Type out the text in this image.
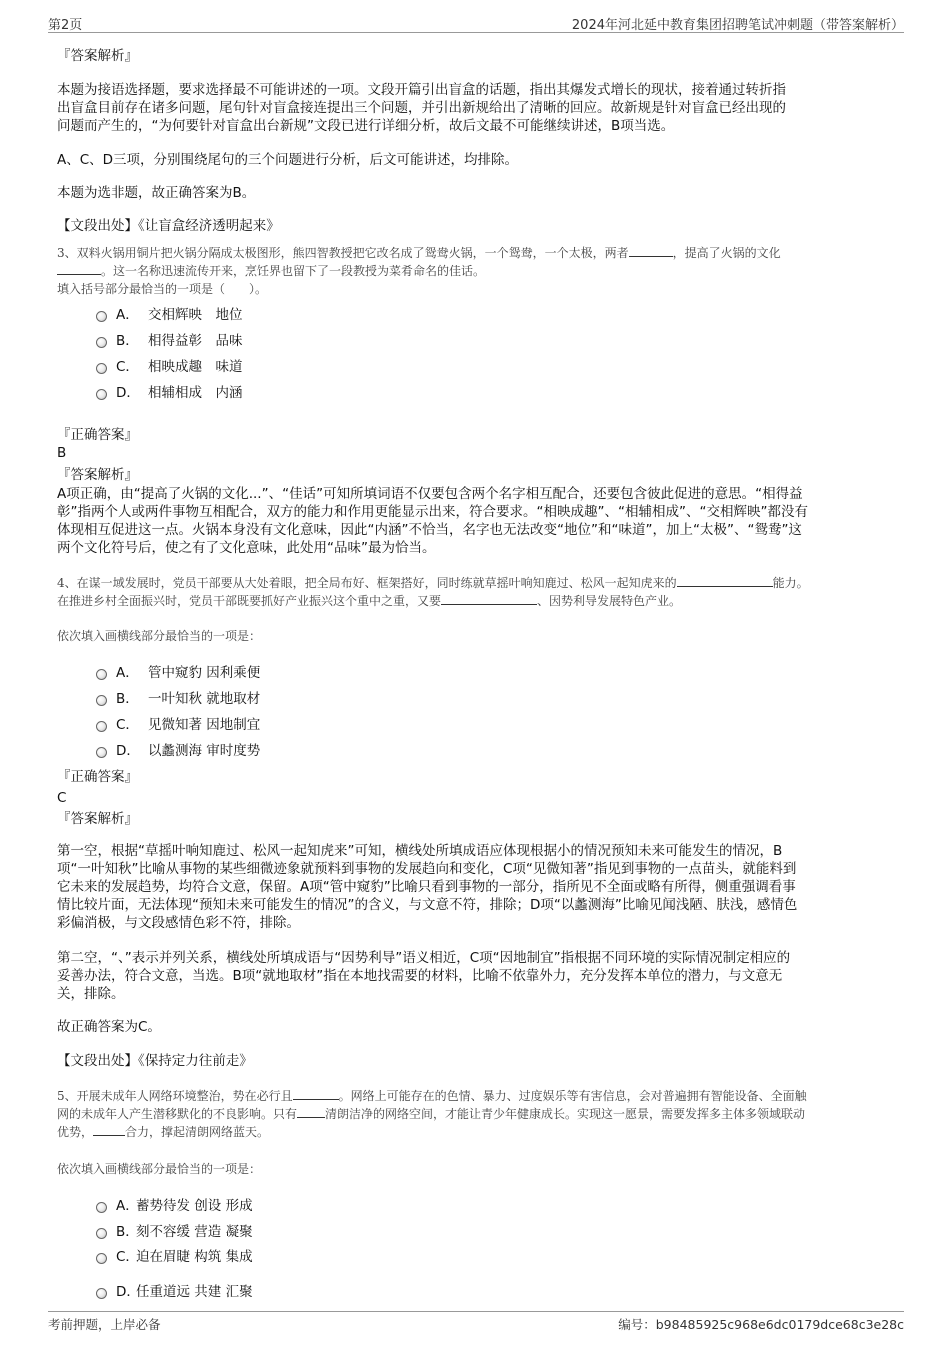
第2页	2024年河北延中教育集团招聘笔试冲刺题（带答案解析）
『答案解析』
本题为接语选择题，要求选择最不可能讲述的一项。文段开篇引出盲盒的话题，指出其爆发式增长的现状，接着通过转折指
出盲盒目前存在诸多问题，尾句针对盲盒接连提出三个问题，并引出新规给出了清晰的回应。故新规是针对盲盒已经出现的
问题而产生的，“为何要针对盲盒出台新规”文段已进行详细分析，故后文最不可能继续讲述，B项当选。
A、C、D三项，分别围绕尾句的三个问题进行分析，后文可能讲述，均排除。
本题为选非题，故正确答案为B。
【文段出处】《让盲盒经济透明起来》
3、双料火锅用铜片把火锅分隔成太极图形，熊四智教授把它改名成了鸳鸯火锅，一个鸳鸯，一个太极，两者	，提高了火锅的文化
。这一名称迅速流传开来，烹饪界也留下了一段教授为菜肴命名的佳话。
填入括号部分最恰当的一项是（　　）。
A． 交相辉映　地位
B． 相得益彰　品味
C． 相映成趣　味道
D． 相辅相成　内涵
『正确答案』
B
『答案解析』
A项正确，由“提高了火锅的文化...”、“佳话”可知所填词语不仅要包含两个名字相互配合，还要包含彼此促进的意思。“相得益
彰”指两个人或两件事物互相配合，双方的能力和作用更能显示出来，符合要求。“相映成趣”、“相辅相成”、“交相辉映”都没有
体现相互促进这一点。火锅本身没有文化意味，因此“内涵”不恰当，名字也无法改变“地位”和“味道”，加上“太极”、“鸳鸯”这
两个文化符号后，使之有了文化意味，此处用“品味”最为恰当。
4、在谋一域发展时，党员干部要从大处着眼，把全局布好、框架搭好，同时练就草摇叶响知鹿过、松风一起知虎来的	能力。
在推进乡村全面振兴时，党员干部既要抓好产业振兴这个重中之重，又要	、因势利导发展特色产业。
依次填入画横线部分最恰当的一项是：
A． 管中窥豹 因利乘便
B． 一叶知秋 就地取材
C． 见微知著 因地制宜
D． 以蠡测海 审时度势
『正确答案』
C
『答案解析』
第一空，根据“草摇叶响知鹿过、松风一起知虎来”可知，横线处所填成语应体现根据小的情况预知未来可能发生的情况，B
项“一叶知秋”比喻从事物的某些细微迹象就预料到事物的发展趋向和变化，C项“见微知著”指见到事物的一点苗头，就能料到
它未来的发展趋势，均符合文意，保留。A项“管中窥豹”比喻只看到事物的一部分，指所见不全面或略有所得，侧重强调看事
情比较片面，无法体现“预知未来可能发生的情况”的含义，与文意不符，排除；D项“以蠡测海”比喻见闻浅陋、肤浅，感情色
彩偏消极，与文段感情色彩不符，排除。
第二空，“、”表示并列关系，横线处所填成语与“因势利导”语义相近，C项“因地制宜”指根据不同环境的实际情况制定相应的
妥善办法，符合文意，当选。B项“就地取材”指在本地找需要的材料，比喻不依靠外力，充分发挥本单位的潜力，与文意无
关，排除。
故正确答案为C。
【文段出处】《保持定力往前走》
5、开展未成年人网络环境整治，势在必行且	。网络上可能存在的色情、暴力、过度娱乐等有害信息，会对普遍拥有智能设备、全面触
网的未成年人产生潜移默化的不良影响。只有 清朗洁净的网络空间，才能让青少年健康成长。实现这一愿景，需要发挥多主体多领域联动
优势，	合力，撑起清朗网络蓝天。
依次填入画横线部分最恰当的一项是：
A．蓄势待发 创设 形成
B．刻不容缓 营造 凝聚
C．迫在眉睫 构筑 集成
D．任重道远 共建 汇聚
考前押题，上岸必备	编号：b98485925c968e6dc0179dce68c3e28c
